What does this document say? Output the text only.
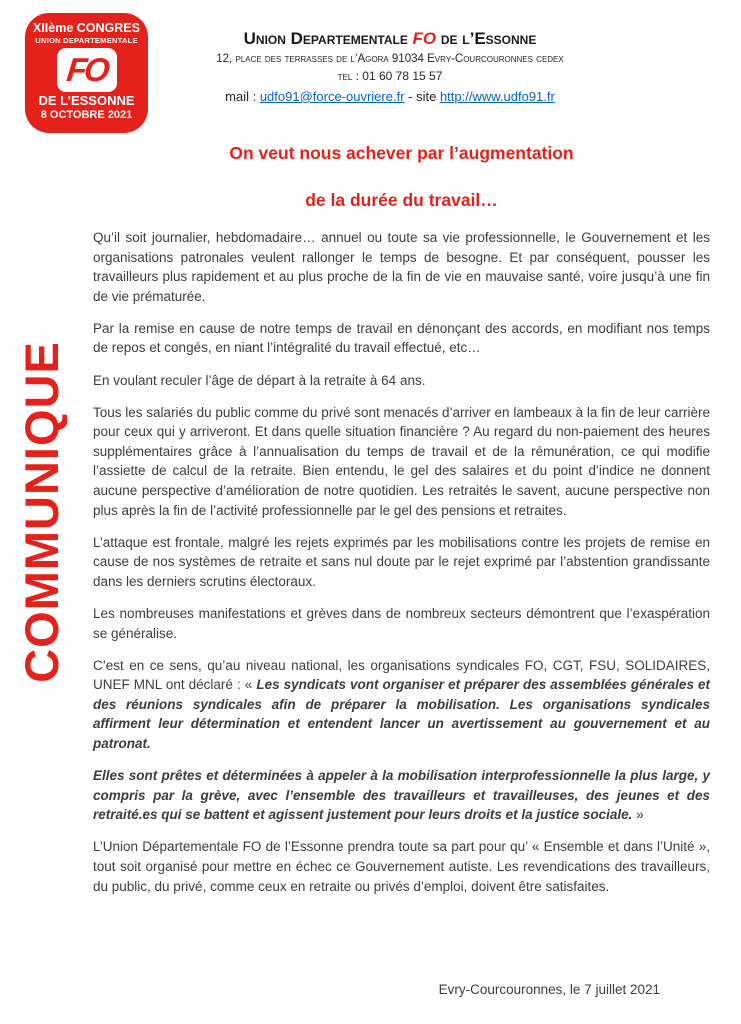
XIIème CONGRES
UNION DEPARTEMENTALE
FO
DE L’ESSONNE
8 OCTOBRE 2021
Union Departementale FO de l’Essonne
12, place des terrasses de l’Agora 91034 Evry-Courcouronnes cedex
tel : 01 60 78 15 57
mail : udfo91@force-ouvriere.fr - site http://www.udfo91.fr
COMMUNIQUE
On veut nous achever par l’augmentation
de la durée du travail…

Qu’il soit journalier, hebdomadaire… annuel ou toute sa vie professionnelle, le Gouvernement et les organisations patronales veulent rallonger le temps de besogne. Et par conséquent, pousser les travailleurs plus rapidement et au plus proche de la fin de vie en mauvaise santé, voire jusqu’à une fin de vie prématurée.

Par la remise en cause de notre temps de travail en dénonçant des accords, en modifiant nos temps de repos et congés, en niant l’intégralité du travail effectué, etc…

En voulant reculer l’âge de départ à la retraite à 64 ans.

Tous les salariés du public comme du privé sont menacés d’arriver en lambeaux à la fin de leur carrière pour ceux qui y arriveront. Et dans quelle situation financière ? Au regard du non-paiement des heures supplémentaires grâce à l’annualisation du temps de travail et de la rémunération, ce qui modifie l’assiette de calcul de la retraite. Bien entendu, le gel des salaires et du point d’indice ne donnent aucune perspective d’amélioration de notre quotidien. Les retraités le savent, aucune perspective non plus après la fin de l’activité professionnelle par le gel des pensions et retraites.

L’attaque est frontale, malgré les rejets exprimés par les mobilisations contre les projets de remise en cause de nos systèmes de retraite et sans nul doute par le rejet exprimé par l’abstention grandissante dans les derniers scrutins électoraux.

Les nombreuses manifestations et grèves dans de nombreux secteurs démontrent que l’exaspération se généralise.

C’est en ce sens, qu’au niveau national, les organisations syndicales FO, CGT, FSU, SOLIDAIRES, UNEF MNL ont déclaré : « Les syndicats vont organiser et préparer des assemblées générales et des réunions syndicales afin de préparer la mobilisation. Les organisations syndicales affirment leur détermination et entendent lancer un avertissement au gouvernement et au patronat.

Elles sont prêtes et déterminées à appeler à la mobilisation interprofessionnelle la plus large, y compris par la grève, avec l’ensemble des travailleurs et travailleuses, des jeunes et des retraité.es qui se battent et agissent justement pour leurs droits et la justice sociale. »

L’Union Départementale FO de l’Essonne prendra toute sa part pour qu’ « Ensemble et dans l’Unité », tout soit organisé pour mettre en échec ce Gouvernement autiste. Les revendications des travailleurs, du public, du privé, comme ceux en retraite ou privés d’emploi, doivent être satisfaites.

Evry-Courcouronnes, le 7 juillet 2021
